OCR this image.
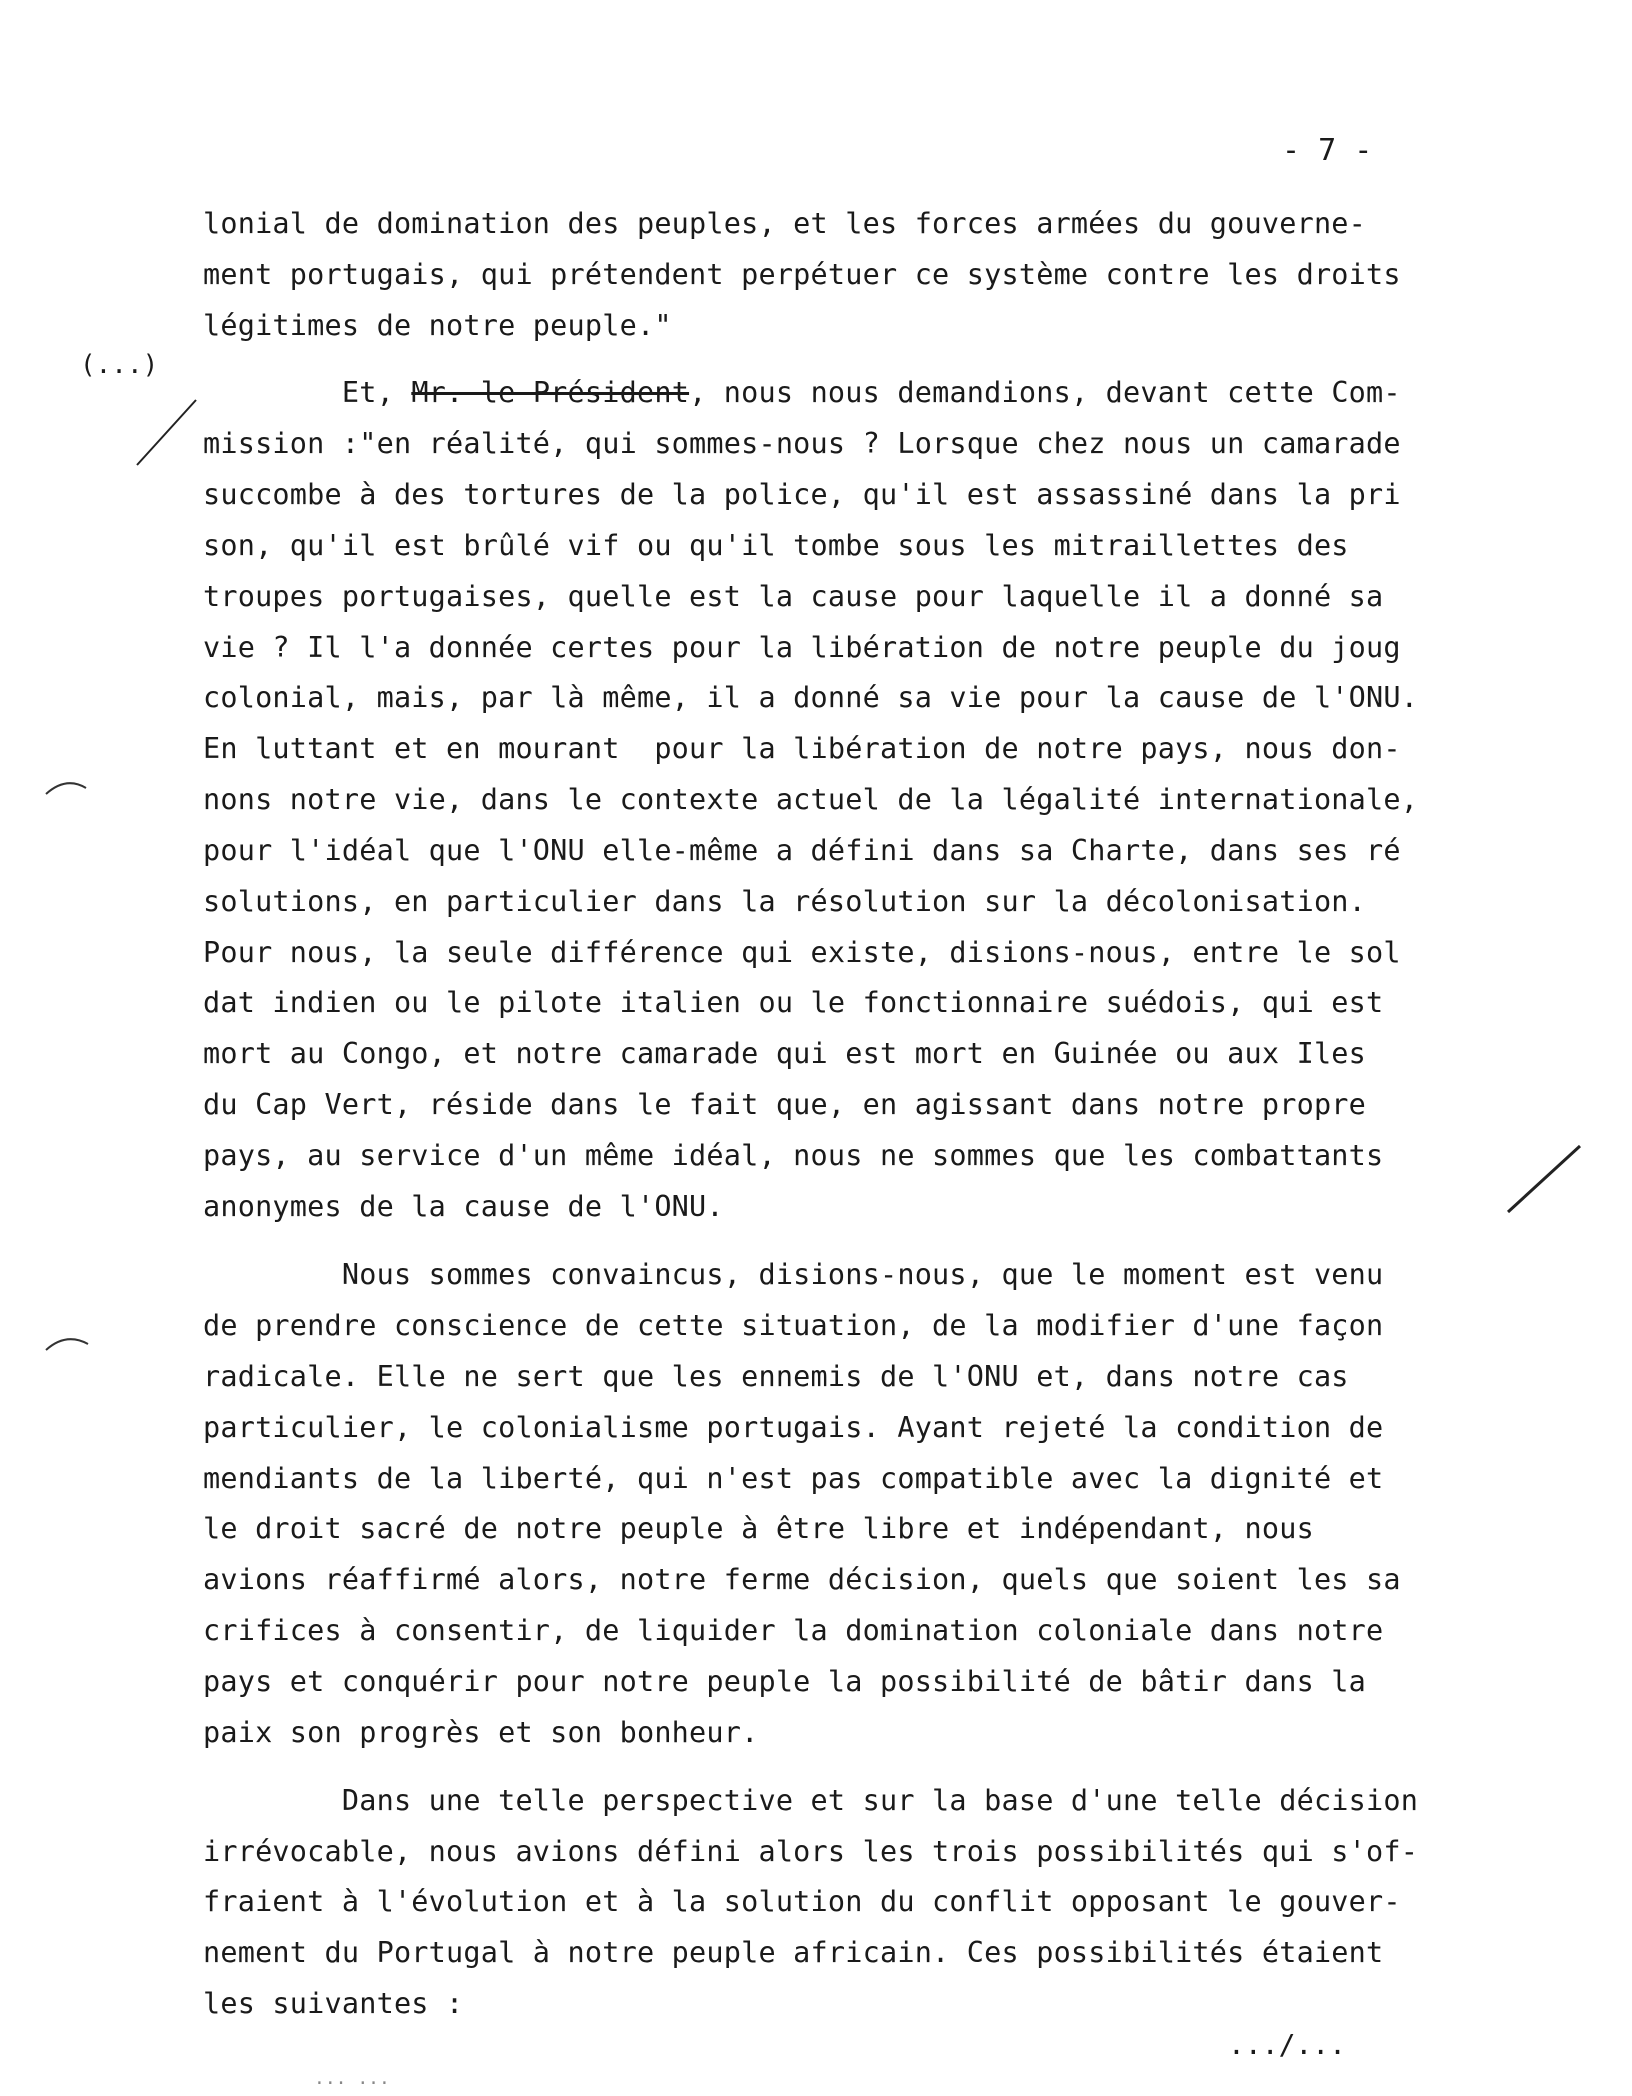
- 7 -
(...)
lonial de domination des peuples, et les forces armées du gouverne-
ment portugais, qui prétendent perpétuer ce système contre les droits
légitimes de notre peuple."
Et, Mr. le Président, nous nous demandions, devant cette Com-
mission :"en réalité, qui sommes-nous ? Lorsque chez nous un camarade
succombe à des tortures de la police, qu'il est assassiné dans la pri
son, qu'il est brûlé vif ou qu'il tombe sous les mitraillettes des
troupes portugaises, quelle est la cause pour laquelle il a donné sa
vie ? Il l'a donnée certes pour la libération de notre peuple du joug
colonial, mais, par là même, il a donné sa vie pour la cause de l'ONU.
En luttant et en mourant  pour la libération de notre pays, nous don-
nons notre vie, dans le contexte actuel de la légalité internationale,
pour l'idéal que l'ONU elle-même a défini dans sa Charte, dans ses ré
solutions, en particulier dans la résolution sur la décolonisation.
Pour nous, la seule différence qui existe, disions-nous, entre le sol
dat indien ou le pilote italien ou le fonctionnaire suédois, qui est
mort au Congo, et notre camarade qui est mort en Guinée ou aux Iles
du Cap Vert, réside dans le fait que, en agissant dans notre propre
pays, au service d'un même idéal, nous ne sommes que les combattants
anonymes de la cause de l'ONU.
Nous sommes convaincus, disions-nous, que le moment est venu
de prendre conscience de cette situation, de la modifier d'une façon
radicale. Elle ne sert que les ennemis de l'ONU et, dans notre cas
particulier, le colonialisme portugais. Ayant rejeté la condition de
mendiants de la liberté, qui n'est pas compatible avec la dignité et
le droit sacré de notre peuple à être libre et indépendant, nous
avions réaffirmé alors, notre ferme décision, quels que soient les sa
crifices à consentir, de liquider la domination coloniale dans notre
pays et conquérir pour notre peuple la possibilité de bâtir dans la
paix son progrès et son bonheur.
Dans une telle perspective et sur la base d'une telle décision
irrévocable, nous avions défini alors les trois possibilités qui s'of-
fraient à l'évolution et à la solution du conflit opposant le gouver-
nement du Portugal à notre peuple africain. Ces possibilités étaient
les suivantes :
.../...
... ...
